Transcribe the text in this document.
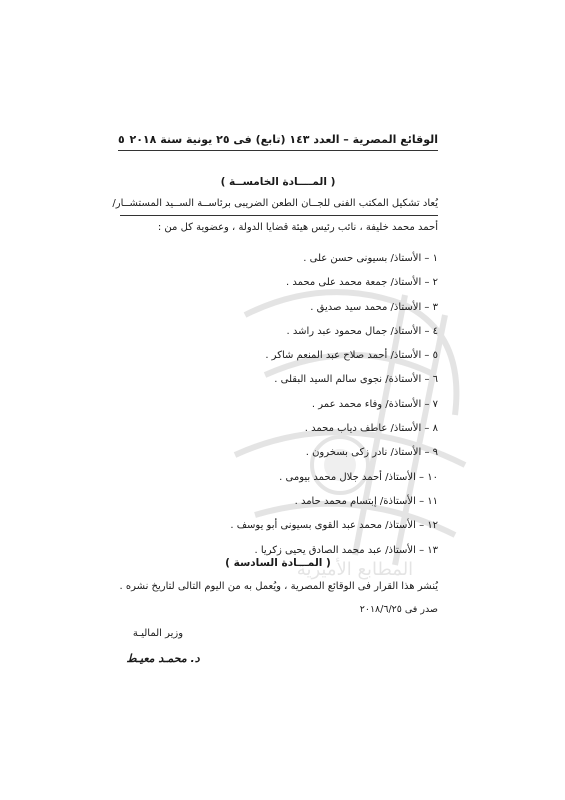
المطابع الأميرية
الوقائع المصرية – العدد ١٤٣ (تابع) فى ٢٥ يونية سنة ٢٠١٨
٥
( المــــادة الخامســة )
يُعاد تشكيل المكتب الفنى للجــان الطعن الضريبى برئاســة الســيد المستشــار/
أحمد محمد خليفة ، نائب رئيس هيئة قضايا الدولة ، وعضوية كل من :
١ – الأستاذ/ بسيونى حسن على .
٢ – الأستاذ/ جمعة محمد على محمد .
٣ – الأستاذ/ محمد سيد صديق .
٤ – الأستاذ/ جمال محمود عبد راشد .
٥ – الأستاذ/ أحمد صلاح عبد المنعم شاكر .
٦ – الأستاذة/ نجوى سالم السيد البقلى .
٧ – الأستاذة/ وفاء محمد عمر .
٨ – الأستاذ/ عاطف دياب محمد .
٩ – الأستاذ/ نادر زكى بسخرون .
١٠ – الأستاذ/ أحمد جلال محمد بيومى .
١١ – الأستاذة/ إبتسام محمد حامد .
١٢ – الأستاذ/ محمد عبد القوى بسيونى أبو يوسف .
١٣ – الأستاذ/ عبد محمد الصادق يحيى زكريا .
( المـــادة السادسة )
يُنشر هذا القرار فى الوقائع المصرية ، ويُعمل به من اليوم التالى لتاريخ نشره .
صدر فى ٢٠١٨/٦/٢٥
وزير الماليـة
د. محمـد معيـط
